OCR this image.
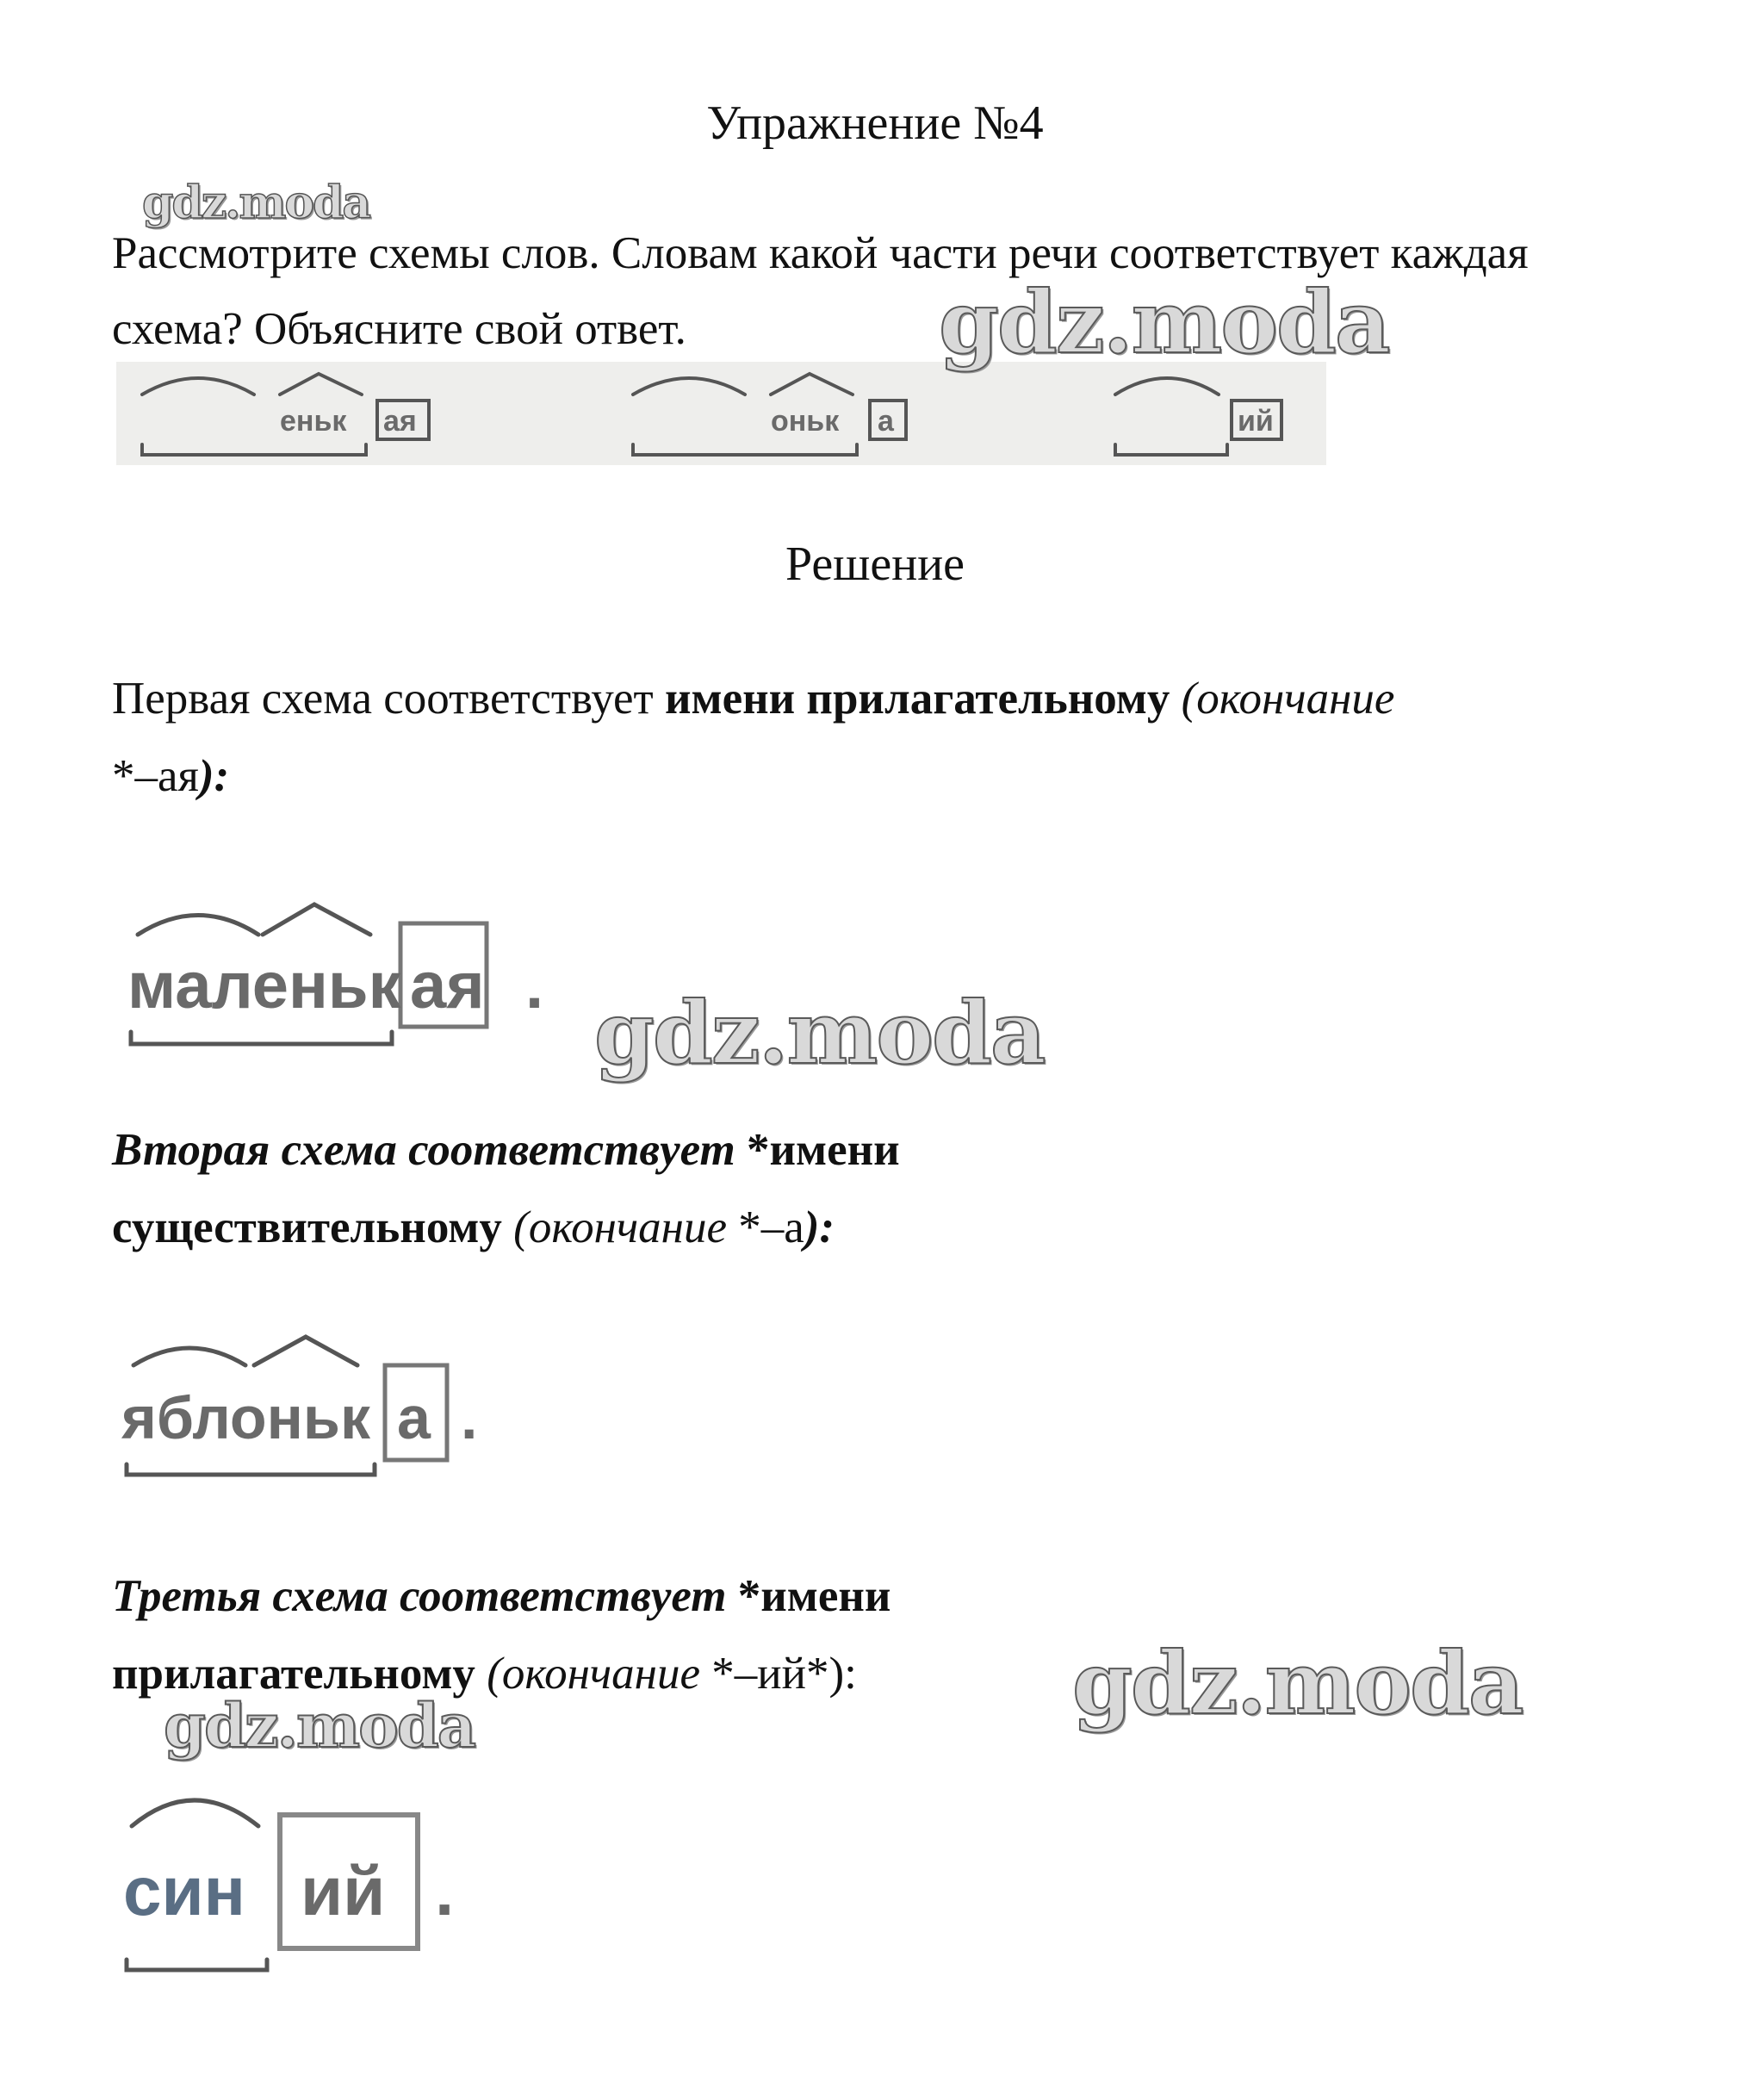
Упражнение №4
Рассмотрите схемы слов. Словам какой части речи соответствует каждая схема? Объясните свой ответ.
еньк ая	оньк а	ий
Решение
Первая схема соответствует имени прилагательному (окончание
*–ая):
маленьк ая .
Вторая схема соответствует *имени существительному (окончание *–а):
яблоньк а .
Третья схема соответствует *имени прилагательному (окончание *–ий*):
син ий .
gdz.moda
gdz.moda
gdz.moda
gdz.moda
gdz.moda
